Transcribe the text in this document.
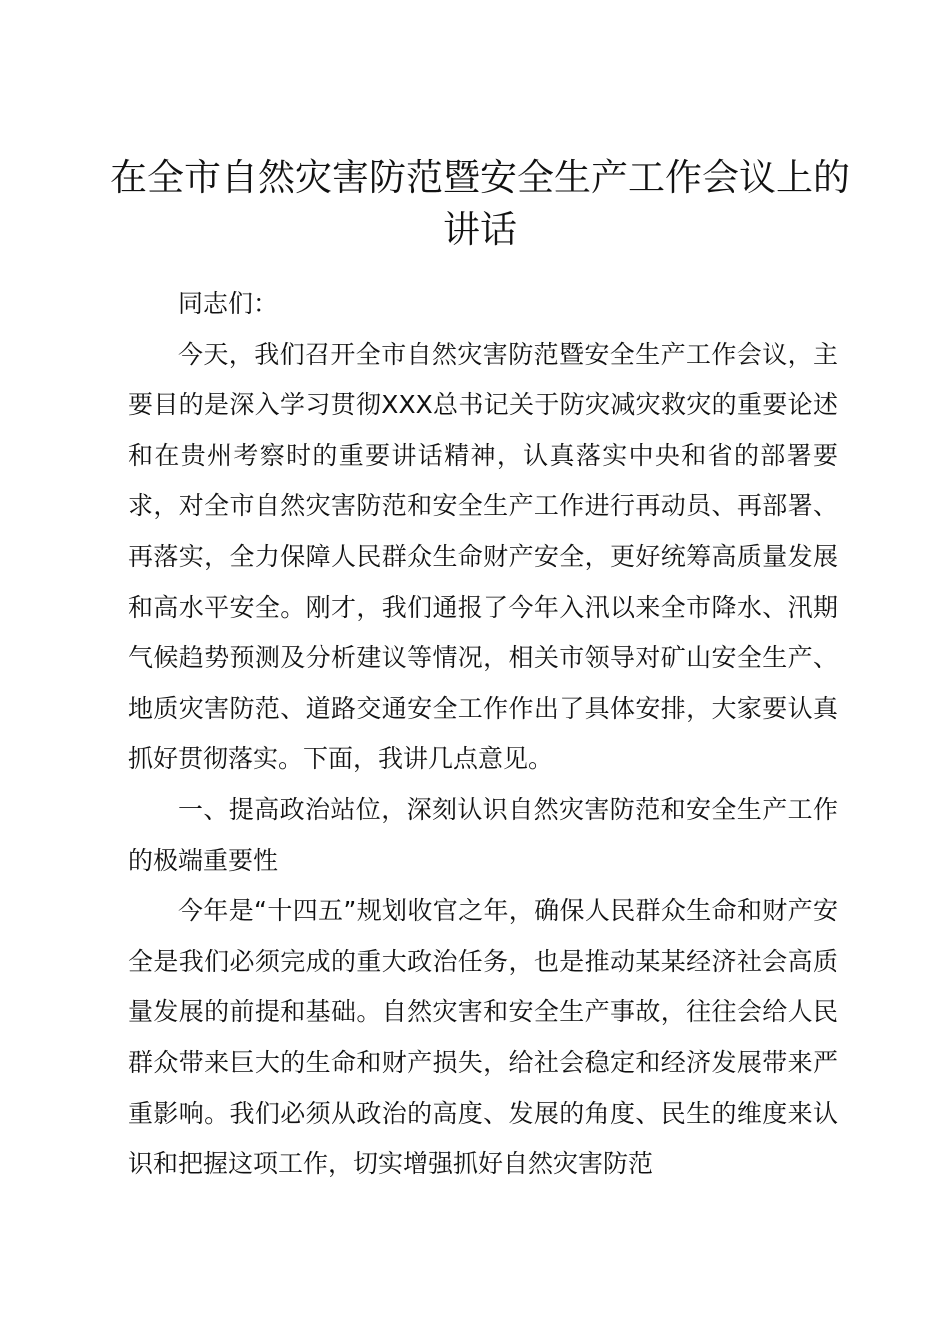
在全市自然灾害防范暨安全生产工作会议上的
讲话

同志们：

今天，我们召开全市自然灾害防范暨安全生产工作会议，主要目的是深入学习贯彻XXX总书记关于防灾减灾救灾的重要论述和在贵州考察时的重要讲话精神，认真落实中央和省的部署要求，对全市自然灾害防范和安全生产工作进行再动员、再部署、再落实，全力保障人民群众生命财产安全，更好统筹高质量发展和高水平安全。刚才，我们通报了今年入汛以来全市降水、汛期气候趋势预测及分析建议等情况，相关市领导对矿山安全生产、地质灾害防范、道路交通安全工作作出了具体安排，大家要认真抓好贯彻落实。下面，我讲几点意见。

一、提高政治站位，深刻认识自然灾害防范和安全生产工作的极端重要性

今年是“十四五”规划收官之年，确保人民群众生命和财产安全是我们必须完成的重大政治任务，也是推动某某经济社会高质量发展的前提和基础。自然灾害和安全生产事故，往往会给人民群众带来巨大的生命和财产损失，给社会稳定和经济发展带来严重影响。我们必须从政治的高度、发展的角度、民生的维度来认识和把握这项工作，切实增强抓好自然灾害防范
